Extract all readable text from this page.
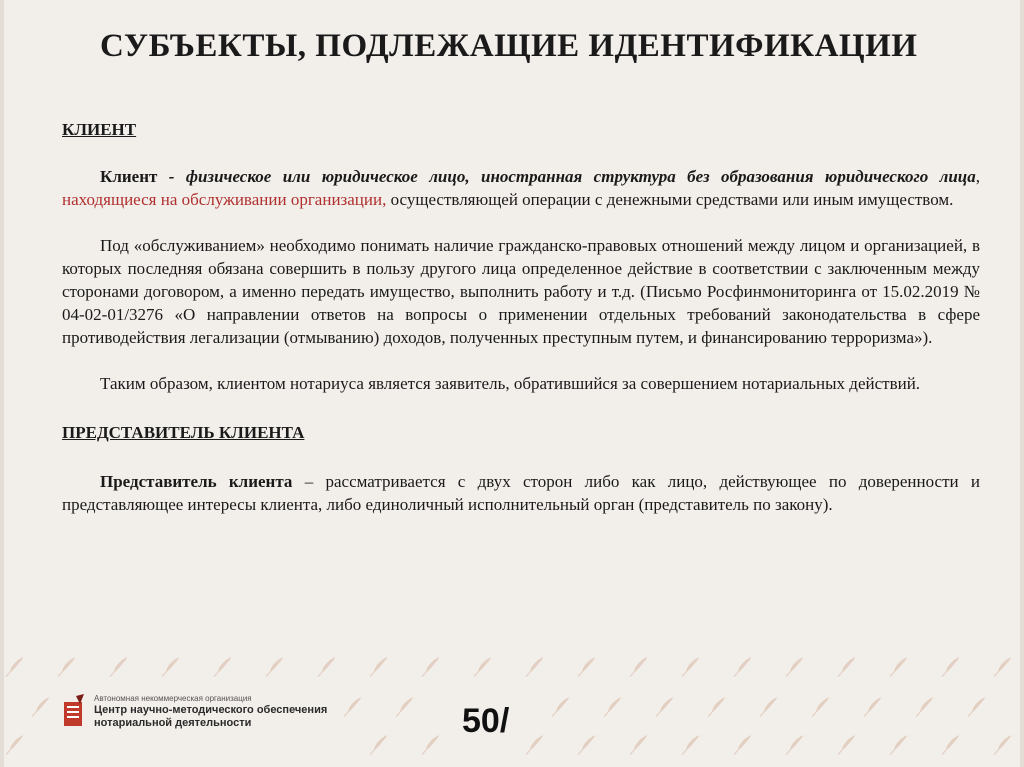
СУБЪЕКТЫ, ПОДЛЕЖАЩИЕ ИДЕНТИФИКАЦИИ

КЛИЕНТ

Клиент - физическое или юридическое лицо, иностранная структура без образования юридического лица, находящиеся на обслуживании организации, осуществляющей операции с денежными средствами или иным имуществом.

Под «обслуживанием» необходимо понимать наличие гражданско-правовых отношений между лицом и организацией, в которых последняя обязана совершить в пользу другого лица определенное действие в соответствии с заключенным между сторонами договором, а именно передать имущество, выполнить работу и т.д. (Письмо Росфинмониторинга от 15.02.2019 № 04-02-01/3276 «О направлении ответов на вопросы о применении отдельных требований законодательства в сфере противодействия легализации (отмыванию) доходов, полученных преступным путем, и финансированию терроризма»).

Таким образом, клиентом нотариуса является заявитель, обратившийся за совершением нотариальных действий.

ПРЕДСТАВИТЕЛЬ КЛИЕНТА

Представитель клиента – рассматривается с двух сторон либо как лицо, действующее по доверенности и представляющее интересы клиента, либо единоличный исполнительный орган (представитель по закону).

Автономная некоммерческая организация
Центр научно-методического обеспечения
нотариальной деятельности	50/
